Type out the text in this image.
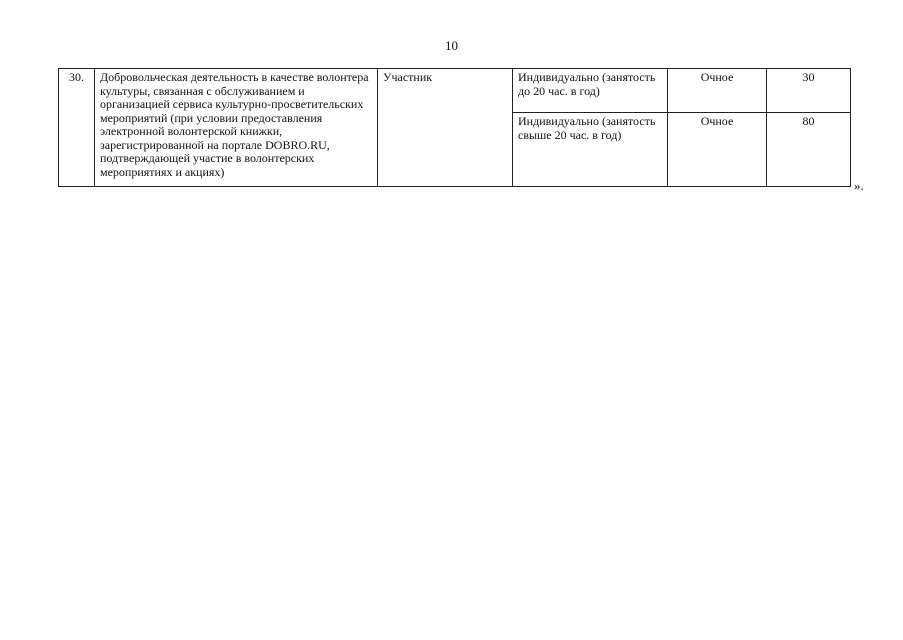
10
30.	Добровольческая деятельность в качестве волонтера культуры, связанная с обслуживанием и организацией сервиса культурно-просветительских мероприятий (при условии предоставления электронной волонтерской книжки, зарегистрированной на портале DOBRO.RU, подтверждающей участие в волонтерских мероприятиях и акциях)	Участник	Индивидуально (занятость до 20 час. в год)	Очное	30
			Индивидуально (занятость свыше 20 час. в год)	Очное	80
».
